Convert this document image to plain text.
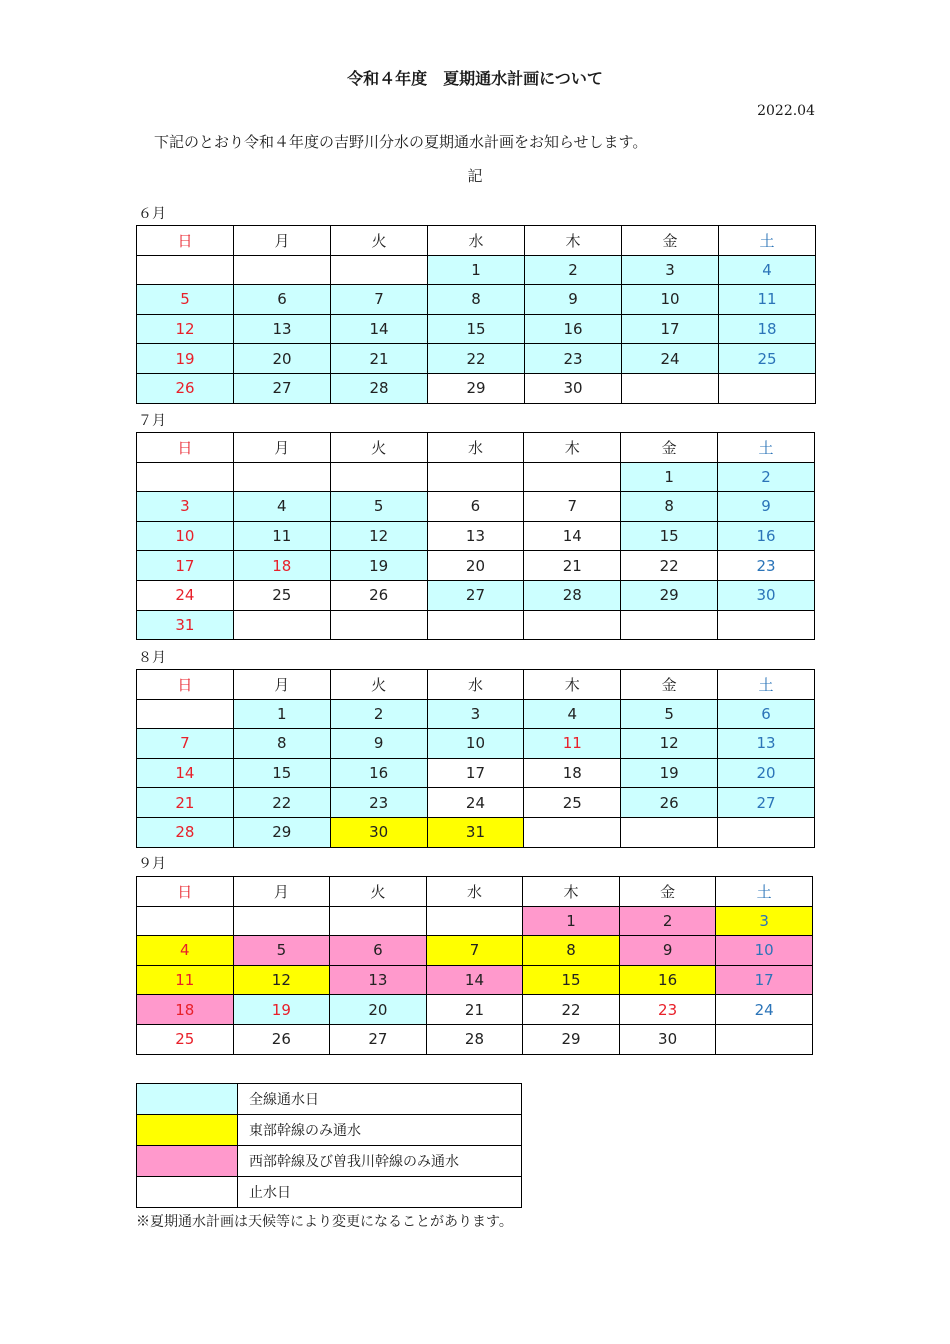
令和４年度　夏期通水計画について
2022.04
下記のとおり令和４年度の吉野川分水の夏期通水計画をお知らせします。
記
６月
日	月	火	水	木	金	土
			1	2	3	4
5	6	7	8	9	10	11
12	13	14	15	16	17	18
19	20	21	22	23	24	25
26	27	28	29	30		
７月
日	月	火	水	木	金	土
					1	2
3	4	5	6	7	8	9
10	11	12	13	14	15	16
17	18	19	20	21	22	23
24	25	26	27	28	29	30
31						
８月
日	月	火	水	木	金	土
	1	2	3	4	5	6
7	8	9	10	11	12	13
14	15	16	17	18	19	20
21	22	23	24	25	26	27
28	29	30	31			
９月
日	月	火	水	木	金	土
				1	2	3
4	5	6	7	8	9	10
11	12	13	14	15	16	17
18	19	20	21	22	23	24
25	26	27	28	29	30	
	全線通水日
	東部幹線のみ通水
	西部幹線及び曽我川幹線のみ通水
	止水日
※夏期通水計画は天候等により変更になることがあります。
